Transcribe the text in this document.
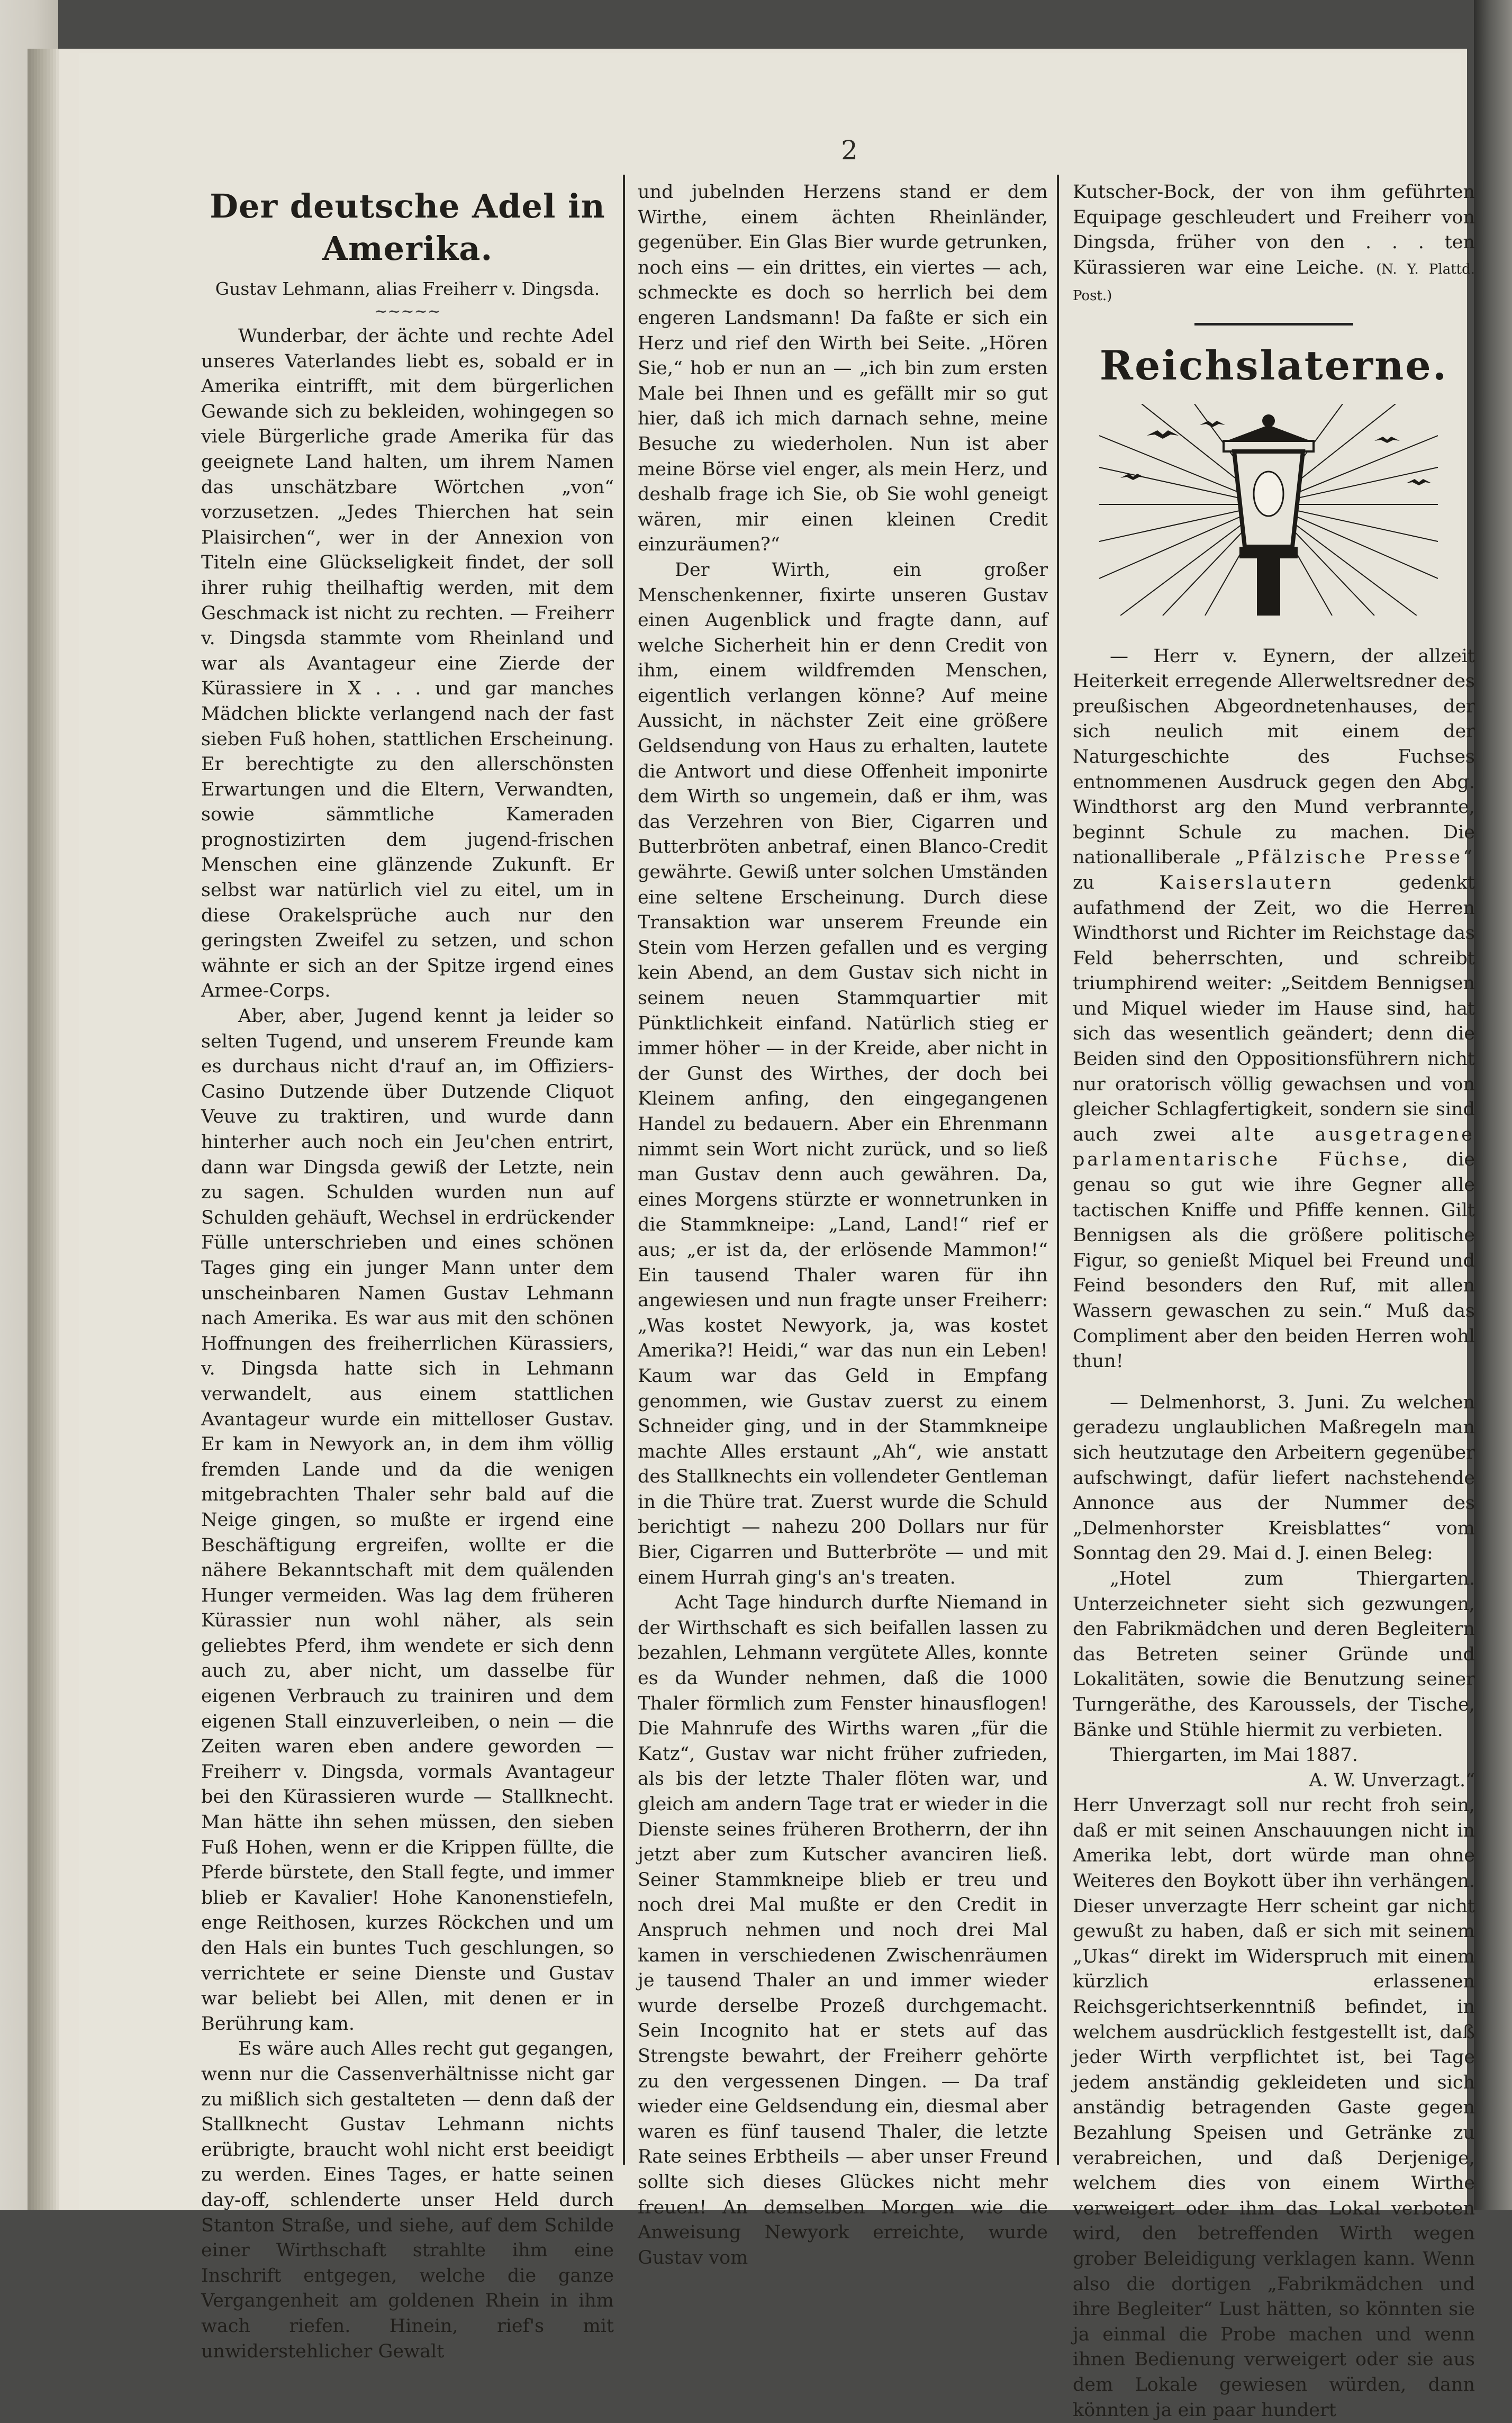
2
Der deutsche Adel in Amerika.
Gustav Lehmann, alias Freiherr v. Dingsda.
~~~~~

Wunderbar, der ächte und rechte Adel unseres Vaterlandes liebt es, sobald er in Amerika eintrifft, mit dem bürgerlichen Gewande sich zu bekleiden, wohingegen so viele Bürgerliche grade Amerika für das geeignete Land halten, um ihrem Namen das unschätzbare Wörtchen „von“ vorzusetzen. „Jedes Thierchen hat sein Plaisirchen“, wer in der Annexion von Titeln eine Glückseligkeit findet, der soll ihrer ruhig theilhaftig werden, mit dem Geschmack ist nicht zu rechten. — Freiherr v. Dingsda stammte vom Rheinland und war als Avantageur eine Zierde der Kürassiere in X . . . und gar manches Mädchen blickte verlangend nach der fast sieben Fuß hohen, stattlichen Erscheinung. Er berechtigte zu den allerschönsten Erwartungen und die Eltern, Verwandten, sowie sämmtliche Kameraden prognostizirten dem jugend-frischen Menschen eine glänzende Zukunft. Er selbst war natürlich viel zu eitel, um in diese Orakelsprüche auch nur den geringsten Zweifel zu setzen, und schon wähnte er sich an der Spitze irgend eines Armee-Corps.

Aber, aber, Jugend kennt ja leider so selten Tugend, und unserem Freunde kam es durchaus nicht d'rauf an, im Offiziers-Casino Dutzende über Dutzende Cliquot Veuve zu traktiren, und wurde dann hinterher auch noch ein Jeu'chen entrirt, dann war Dingsda gewiß der Letzte, nein zu sagen. Schulden wurden nun auf Schulden gehäuft, Wechsel in erdrückender Fülle unterschrieben und eines schönen Tages ging ein junger Mann unter dem unscheinbaren Namen Gustav Lehmann nach Amerika. Es war aus mit den schönen Hoffnungen des freiherrlichen Kürassiers, v. Dingsda hatte sich in Lehmann verwandelt, aus einem stattlichen Avantageur wurde ein mittelloser Gustav. Er kam in Newyork an, in dem ihm völlig fremden Lande und da die wenigen mitgebrachten Thaler sehr bald auf die Neige gingen, so mußte er irgend eine Beschäftigung ergreifen, wollte er die nähere Bekanntschaft mit dem quälenden Hunger vermeiden. Was lag dem früheren Kürassier nun wohl näher, als sein geliebtes Pferd, ihm wendete er sich denn auch zu, aber nicht, um dasselbe für eigenen Verbrauch zu trainiren und dem eigenen Stall einzuverleiben, o nein — die Zeiten waren eben andere geworden — Freiherr v. Dingsda, vormals Avantageur bei den Kürassieren wurde — Stallknecht. Man hätte ihn sehen müssen, den sieben Fuß Hohen, wenn er die Krippen füllte, die Pferde bürstete, den Stall fegte, und immer blieb er Kavalier! Hohe Kanonenstiefeln, enge Reithosen, kurzes Röckchen und um den Hals ein buntes Tuch geschlungen, so verrichtete er seine Dienste und Gustav war beliebt bei Allen, mit denen er in Berührung kam.

Es wäre auch Alles recht gut gegangen, wenn nur die Cassenverhältnisse nicht gar zu mißlich sich gestalteten — denn daß der Stallknecht Gustav Lehmann nichts erübrigte, braucht wohl nicht erst beeidigt zu werden. Eines Tages, er hatte seinen day-off, schlenderte unser Held durch Stanton Straße, und siehe, auf dem Schilde einer Wirthschaft strahlte ihm eine Inschrift entgegen, welche die ganze Vergangenheit am goldenen Rhein in ihm wach riefen. Hinein, rief's mit unwiderstehlicher Gewalt

und jubelnden Herzens stand er dem Wirthe, einem ächten Rheinländer, gegenüber. Ein Glas Bier wurde getrunken, noch eins — ein drittes, ein viertes — ach, schmeckte es doch so herrlich bei dem engeren Landsmann! Da faßte er sich ein Herz und rief den Wirth bei Seite. „Hören Sie,“ hob er nun an — „ich bin zum ersten Male bei Ihnen und es gefällt mir so gut hier, daß ich mich darnach sehne, meine Besuche zu wiederholen. Nun ist aber meine Börse viel enger, als mein Herz, und deshalb frage ich Sie, ob Sie wohl geneigt wären, mir einen kleinen Credit einzuräumen?“

Der Wirth, ein großer Menschenkenner, fixirte unseren Gustav einen Augenblick und fragte dann, auf welche Sicherheit hin er denn Credit von ihm, einem wildfremden Menschen, eigentlich verlangen könne? Auf meine Aussicht, in nächster Zeit eine größere Geldsendung von Haus zu erhalten, lautete die Antwort und diese Offenheit imponirte dem Wirth so ungemein, daß er ihm, was das Verzehren von Bier, Cigarren und Butterbröten anbetraf, einen Blanco-Credit gewährte. Gewiß unter solchen Umständen eine seltene Erscheinung. Durch diese Transaktion war unserem Freunde ein Stein vom Herzen gefallen und es verging kein Abend, an dem Gustav sich nicht in seinem neuen Stammquartier mit Pünktlichkeit einfand. Natürlich stieg er immer höher — in der Kreide, aber nicht in der Gunst des Wirthes, der doch bei Kleinem anfing, den eingegangenen Handel zu bedauern. Aber ein Ehrenmann nimmt sein Wort nicht zurück, und so ließ man Gustav denn auch gewähren. Da, eines Morgens stürzte er wonnetrunken in die Stammkneipe: „Land, Land!“ rief er aus; „er ist da, der erlösende Mammon!“ Ein tausend Thaler waren für ihn angewiesen und nun fragte unser Freiherr: „Was kostet Newyork, ja, was kostet Amerika?! Heidi,“ war das nun ein Leben! Kaum war das Geld in Empfang genommen, wie Gustav zuerst zu einem Schneider ging, und in der Stammkneipe machte Alles erstaunt „Ah“, wie anstatt des Stallknechts ein vollendeter Gentleman in die Thüre trat. Zuerst wurde die Schuld berichtigt — nahezu 200 Dollars nur für Bier, Cigarren und Butterbröte — und mit einem Hurrah ging's an's treaten.

Acht Tage hindurch durfte Niemand in der Wirthschaft es sich beifallen lassen zu bezahlen, Lehmann vergütete Alles, konnte es da Wunder nehmen, daß die 1000 Thaler förmlich zum Fenster hinausflogen! Die Mahnrufe des Wirths waren „für die Katz“, Gustav war nicht früher zufrieden, als bis der letzte Thaler flöten war, und gleich am andern Tage trat er wieder in die Dienste seines früheren Brotherrn, der ihn jetzt aber zum Kutscher avanciren ließ. Seiner Stammkneipe blieb er treu und noch drei Mal mußte er den Credit in Anspruch nehmen und noch drei Mal kamen in verschiedenen Zwischenräumen je tausend Thaler an und immer wieder wurde derselbe Prozeß durchgemacht. Sein Incognito hat er stets auf das Strengste bewahrt, der Freiherr gehörte zu den vergessenen Dingen. — Da traf wieder eine Geldsendung ein, diesmal aber waren es fünf tausend Thaler, die letzte Rate seines Erbtheils — aber unser Freund sollte sich dieses Glückes nicht mehr freuen! An demselben Morgen wie die Anweisung Newyork erreichte, wurde Gustav vom

Kutscher-Bock, der von ihm geführten Equipage geschleudert und Freiherr von Dingsda, früher von den . . . ten Kürassieren war eine Leiche. (N. Y. Plattd. Post.)

Reichslaterne.

— Herr v. Eynern, der allzeit Heiterkeit erregende Allerweltsredner des preußischen Abgeordnetenhauses, der sich neulich mit einem der Naturgeschichte des Fuchses entnommenen Ausdruck gegen den Abg. Windthorst arg den Mund verbrannte, beginnt Schule zu machen. Die nationalliberale „Pfälzische Presse“ zu	Kaiserslautern	gedenkt aufathmend der Zeit, wo die Herren Windthorst und Richter im Reichstage das Feld beherrschten, und schreibt triumphirend weiter: „Seitdem Bennigsen und Miquel wieder im Hause sind, hat sich das wesentlich geändert; denn die Beiden sind den Oppositionsführern nicht nur oratorisch völlig gewachsen und von gleicher Schlagfertigkeit, sondern sie sind auch zwei alte ausgetragene parlamentarische Füchse, die genau so gut wie ihre Gegner alle tactischen Kniffe und Pfiffe kennen. Gilt Bennigsen als die größere politische Figur, so genießt Miquel bei Freund und Feind besonders den Ruf, mit allen Wassern gewaschen zu sein.“ Muß das Compliment aber den beiden Herren wohl thun!

— Delmenhorst, 3. Juni. Zu welchen geradezu unglaublichen Maßregeln man sich heutzutage den Arbeitern gegenüber aufschwingt, dafür liefert nachstehende Annonce aus der Nummer des „Delmenhorster Kreisblattes“ vom Sonntag den 29. Mai d. J. einen Beleg:

„Hotel zum Thiergarten. Unterzeichneter sieht sich gezwungen, den Fabrikmädchen und deren Begleitern das Betreten seiner Gründe und Lokalitäten, sowie die Benutzung seiner Turngeräthe, des Karoussels, der Tische, Bänke und Stühle hiermit zu verbieten.

Thiergarten, im Mai 1887.

A. W. Unverzagt.“

Herr Unverzagt soll nur recht froh sein, daß er mit seinen Anschauungen nicht in Amerika lebt, dort würde man ohne Weiteres den Boykott über ihn verhängen. Dieser unverzagte Herr scheint gar nicht gewußt zu haben, daß er sich mit seinem „Ukas“ direkt im Widerspruch mit einem kürzlich erlassenen Reichsgerichtserkenntniß befindet, in welchem ausdrücklich festgestellt ist, daß jeder Wirth verpflichtet ist, bei Tage jedem anständig gekleideten und sich anständig betragenden Gaste gegen Bezahlung Speisen und Getränke zu verabreichen, und daß Derjenige, welchem dies von einem Wirthe verweigert oder ihm das Lokal verboten wird, den betreffenden Wirth wegen grober Beleidigung verklagen kann. Wenn also die dortigen „Fabrikmädchen und ihre Begleiter“ Lust hätten, so könnten sie ja einmal die Probe machen und wenn ihnen Bedienung verweigert oder sie aus dem Lokale gewiesen würden, dann könnten ja ein paar hundert
